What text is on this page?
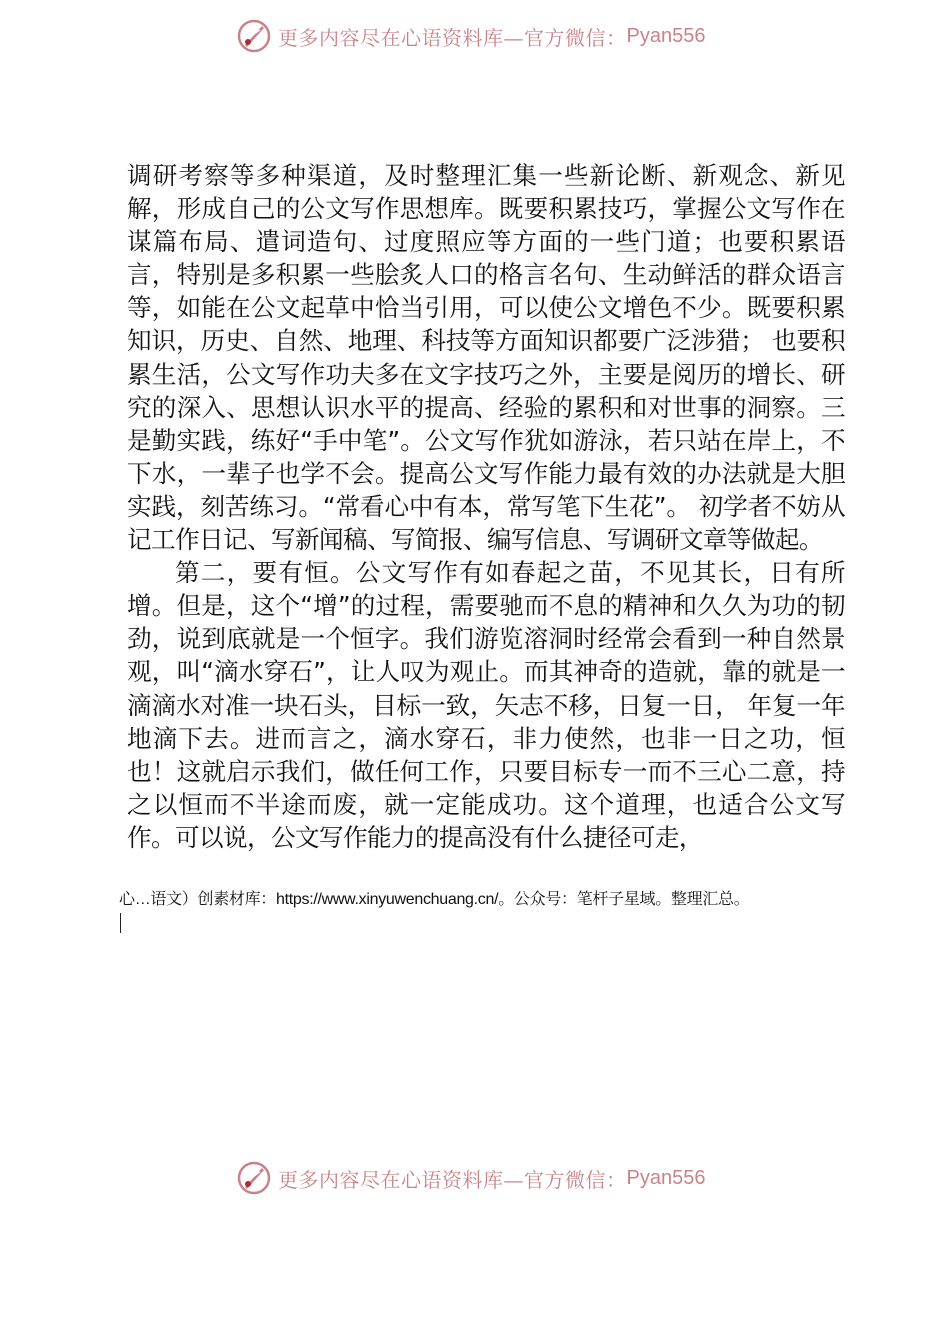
更多内容尽在心语资料库—官方微信： Pyan556

调研考察等多种渠道，及时整理汇集一些新论断、新观念、新见解，形成自己的公文写作思想库。既要积累技巧，掌握公文写作在谋篇布局、遣词造句、过度照应等方面的一些门道；也要积累语言，特别是多积累一些脍炙人口的格言名句、生动鲜活的群众语言等，如能在公文起草中恰当引用，可以使公文增色不少。既要积累知识，历史、自然、地理、科技等方面知识都要广泛涉猎； 也要积累生活，公文写作功夫多在文字技巧之外，主要是阅历的增长、研究的深入、思想认识水平的提高、经验的累积和对世事的洞察。三是勤实践，练好“手中笔”。公文写作犹如游泳，若只站在岸上，不下水，一辈子也学不会。提高公文写作能力最有效的办法就是大胆实践，刻苦练习。“常看心中有本，常写笔下生花”。 初学者不妨从记工作日记、写新闻稿、写简报、编写信息、写调研文章等做起。

第二，要有恒。公文写作有如春起之苗，不见其长，日有所增。但是，这个“增”的过程，需要驰而不息的精神和久久为功的韧劲，说到底就是一个恒字。我们游览溶洞时经常会看到一种自然景观，叫“滴水穿石”，让人叹为观止。而其神奇的造就，靠的就是一滴滴水对准一块石头，目标一致，矢志不移，日复一日， 年复一年地滴下去。进而言之，滴水穿石，非力使然，也非一日之功，恒也！这就启示我们，做任何工作，只要目标专一而不三心二意，持之以恒而不半途而废，就一定能成功。这个道理，也适合公文写作。可以说，公文写作能力的提高没有什么捷径可走，

心…语文）创素材库：https://www.xinyuwenchuang.cn/。公众号：笔杆子星域。整理汇总。
更多内容尽在心语资料库—官方微信： Pyan556
